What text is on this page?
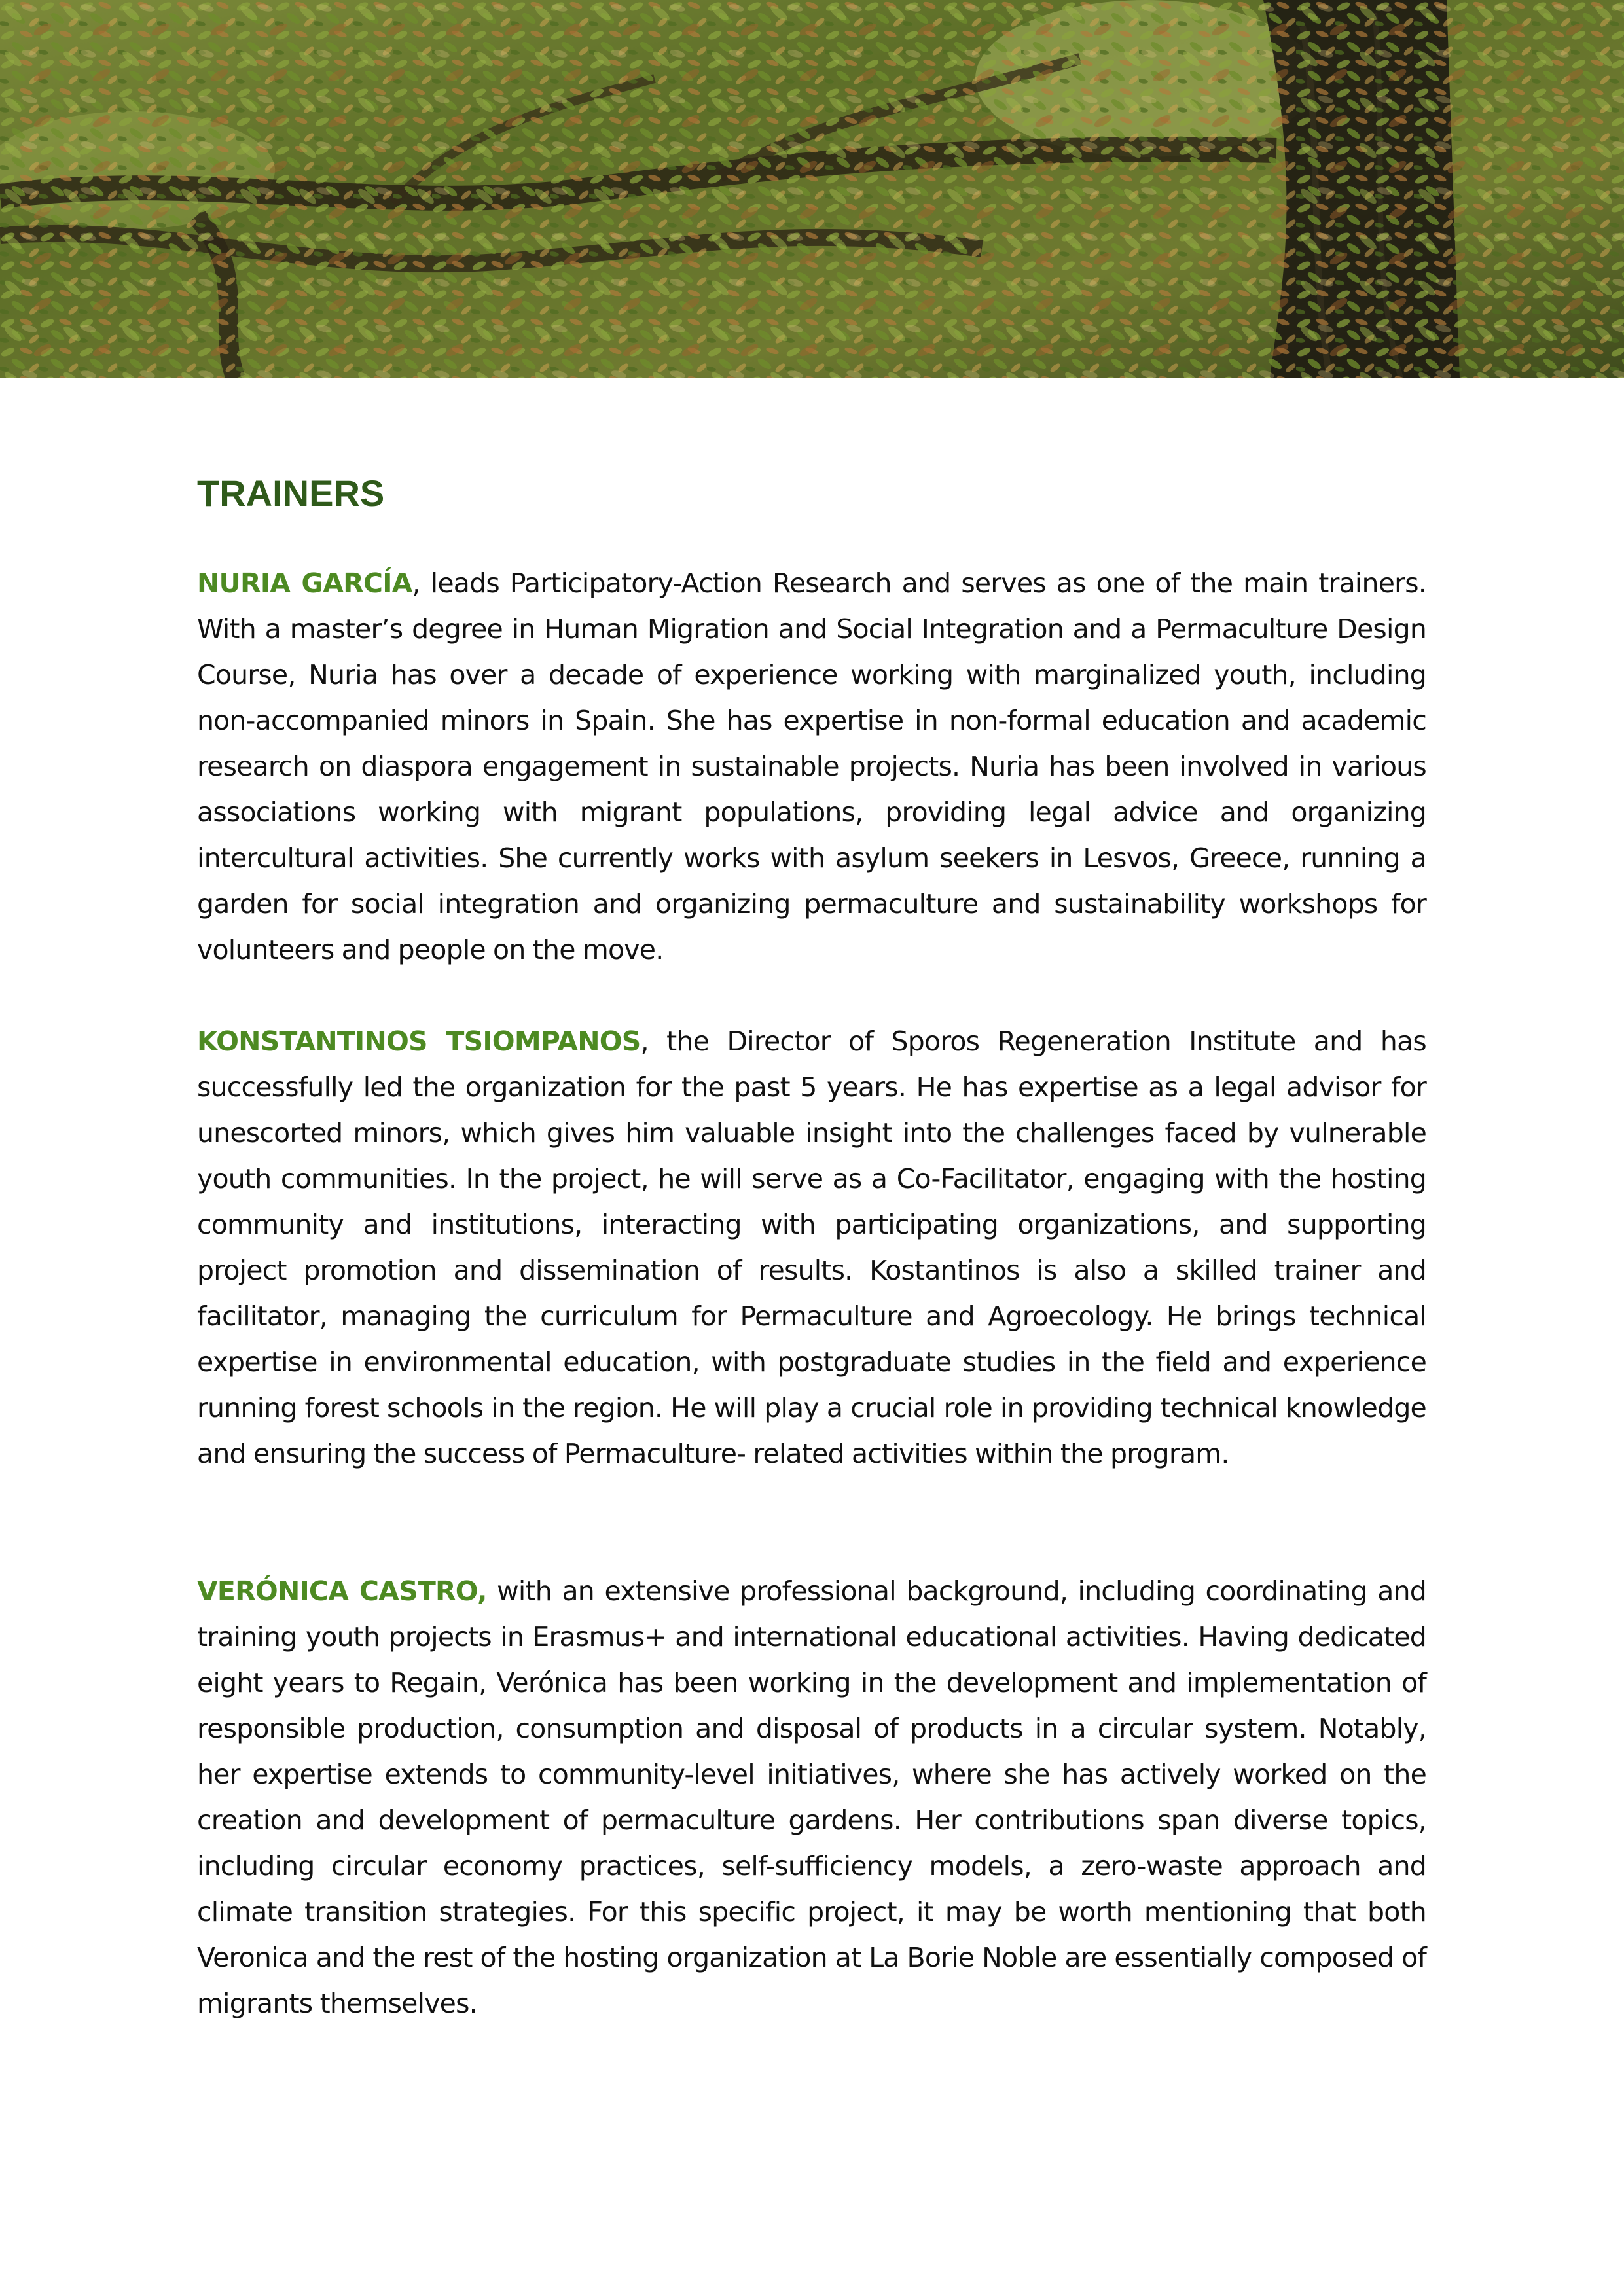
TRAINERS

NURIA GARCÍA, leads Participatory-Action Research and serves as one of the main trainers. With a master’s degree in Human Migration and Social Integration and a Permaculture Design Course, Nuria has over a decade of experience working with marginalized youth, including non-accompanied minors in Spain. She has expertise in non-formal education and academic research on diaspora engagement in sustainable projects. Nuria has been involved in various associations working with migrant populations, providing legal advice and organizing intercultural activities. She currently works with asylum seekers in Lesvos, Greece, running a garden for social integration and organizing permaculture and sustainability workshops for volunteers and people on the move.

KONSTANTINOS TSIOMPANOS, the Director of Sporos Regeneration Institute and has successfully led the organization for the past 5 years. He has expertise as a legal advisor for unescorted minors, which gives him valuable insight into the challenges faced by vulnerable youth communities. In the project, he will serve as a Co-Facilitator, engaging with the hosting community and institutions, interacting with participating organizations, and supporting project promotion and dissemination of results. Kostantinos is also a skilled trainer and facilitator, managing the curriculum for Permaculture and Agroecology. He brings technical expertise in environmental education, with postgraduate studies in the field and experience running forest schools in the region. He will play a crucial role in providing technical knowledge and ensuring the success of Permaculture- related activities within the program.

VERÓNICA CASTRO, with an extensive professional background, including coordinating and training youth projects in Erasmus+ and international educational activities. Having dedicated eight years to Regain, Verónica has been working in the development and implementation of responsible production, consumption and disposal of products in a circular system. Notably, her expertise extends to community-level initiatives, where she has actively worked on the creation and development of permaculture gardens. Her contributions span diverse topics, including circular economy practices, self-sufficiency models, a zero-waste approach and climate transition strategies. For this specific project, it may be worth mentioning that both Veronica and the rest of the hosting organization at La Borie Noble are essentially composed of migrants themselves.
